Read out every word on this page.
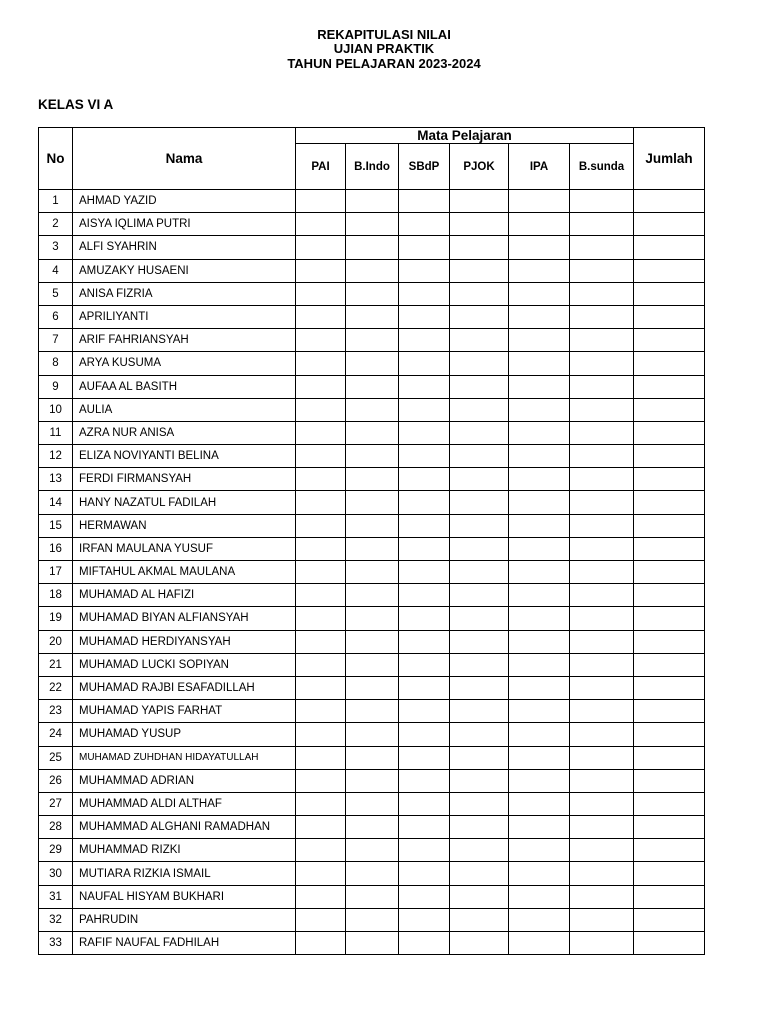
REKAPITULASI NILAI
UJIAN PRAKTIK
TAHUN PELAJARAN 2023-2024
KELAS VI A
No	Nama	Mata Pelajaran						Jumlah
		PAI	B.Indo	SBdP	PJOK	IPA	B.sunda	
1	AHMAD YAZID							
2	AISYA IQLIMA PUTRI							
3	ALFI SYAHRIN							
4	AMUZAKY HUSAENI							
5	ANISA FIZRIA							
6	APRILIYANTI							
7	ARIF FAHRIANSYAH							
8	ARYA KUSUMA							
9	AUFAA AL BASITH							
10	AULIA							
11	AZRA NUR ANISA							
12	ELIZA NOVIYANTI BELINA							
13	FERDI FIRMANSYAH							
14	HANY NAZATUL FADILAH							
15	HERMAWAN							
16	IRFAN MAULANA YUSUF							
17	MIFTAHUL AKMAL MAULANA							
18	MUHAMAD AL HAFIZI							
19	MUHAMAD BIYAN ALFIANSYAH							
20	MUHAMAD HERDIYANSYAH							
21	MUHAMAD LUCKI SOPIYAN							
22	MUHAMAD RAJBI ESAFADILLAH							
23	MUHAMAD YAPIS FARHAT							
24	MUHAMAD YUSUP							
25	MUHAMAD ZUHDHAN HIDAYATULLAH							
26	MUHAMMAD ADRIAN							
27	MUHAMMAD ALDI ALTHAF							
28	MUHAMMAD ALGHANI RAMADHAN							
29	MUHAMMAD RIZKI							
30	MUTIARA RIZKIA ISMAIL							
31	NAUFAL HISYAM BUKHARI							
32	PAHRUDIN							
33	RAFIF NAUFAL FADHILAH							
